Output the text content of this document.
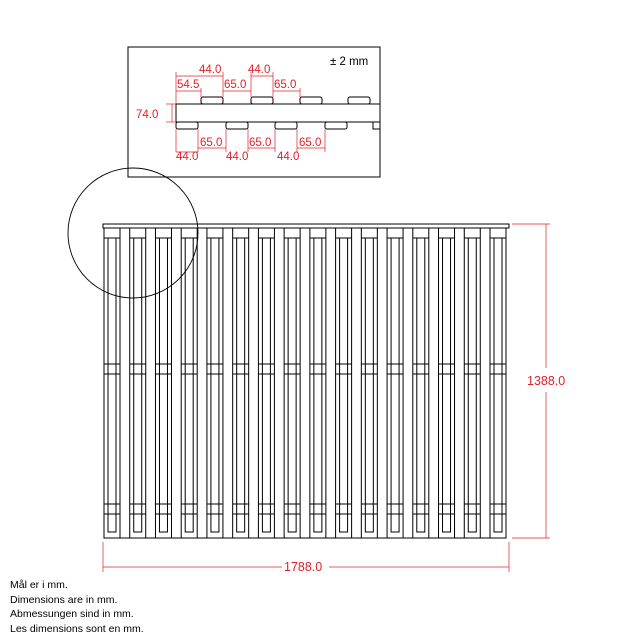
± 2 mm
44.0 44.0
54.5 65.0 65.0
74.0
65.0 65.0 65.0
44.0 44.0 44.0
1388.0
1788.0
Mål er i mm.
Dimensions are in mm.
Abmessungen sind in mm.
Les dimensions sont en mm.
